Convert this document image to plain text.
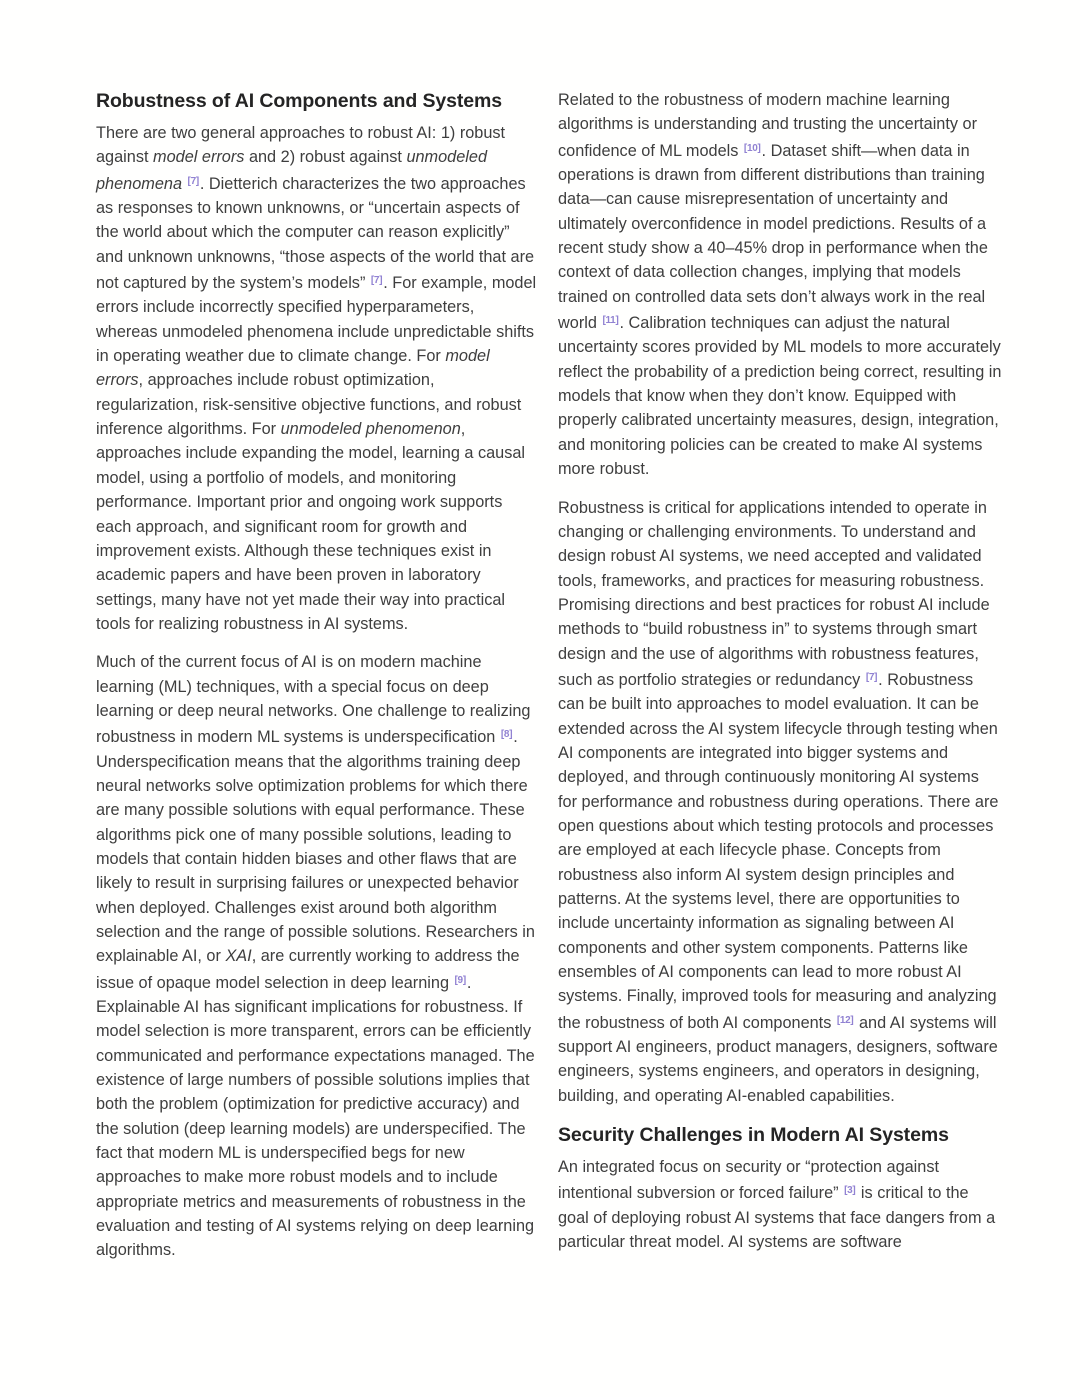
Robustness of AI Components and Systems

There are two general approaches to robust AI: 1) robust against model errors and 2) robust against unmodeled phenomena [7]. Dietterich characterizes the two approaches as responses to known unknowns, or “uncertain aspects of the world about which the computer can reason explicitly” and unknown unknowns, “those aspects of the world that are not captured by the system’s models” [7]. For example, model errors include incorrectly specified hyperparameters, whereas unmodeled phenomena include unpredictable shifts in operating weather due to climate change. For model errors, approaches include robust optimization, regularization, risk-sensitive objective functions, and robust inference algorithms. For unmodeled phenomenon, approaches include expanding the model, learning a causal model, using a portfolio of models, and monitoring performance. Important prior and ongoing work supports each approach, and significant room for growth and improvement exists. Although these techniques exist in academic papers and have been proven in laboratory settings, many have not yet made their way into practical tools for realizing robustness in AI systems.

Much of the current focus of AI is on modern machine learning (ML) techniques, with a special focus on deep learning or deep neural networks. One challenge to realizing robustness in modern ML systems is underspecification [8]. Underspecification means that the algorithms training deep neural networks solve optimization problems for which there are many possible solutions with equal performance. These algorithms pick one of many possible solutions, leading to models that contain hidden biases and other flaws that are likely to result in surprising failures or unexpected behavior when deployed. Challenges exist around both algorithm selection and the range of possible solutions. Researchers in explainable AI, or XAI, are currently working to address the issue of opaque model selection in deep learning [9]. Explainable AI has significant implications for robustness. If model selection is more transparent, errors can be efficiently communicated and performance expectations managed. The existence of large numbers of possible solutions implies that both the problem (optimization for predictive accuracy) and the solution (deep learning models) are underspecified. The fact that modern ML is underspecified begs for new approaches to make more robust models and to include appropriate metrics and measurements of robustness in the evaluation and testing of AI systems relying on deep learning algorithms.

Related to the robustness of modern machine learning algorithms is understanding and trusting the uncertainty or confidence of ML models [10]. Dataset shift—when data in operations is drawn from different distributions than training data—can cause misrepresentation of uncertainty and ultimately overconfidence in model predictions. Results of a recent study show a 40–45% drop in performance when the context of data collection changes, implying that models trained on controlled data sets don’t always work in the real world [11]. Calibration techniques can adjust the natural uncertainty scores provided by ML models to more accurately reflect the probability of a prediction being correct, resulting in models that know when they don’t know. Equipped with properly calibrated uncertainty measures, design, integration, and monitoring policies can be created to make AI systems more robust.

Robustness is critical for applications intended to operate in changing or challenging environments. To understand and design robust AI systems, we need accepted and validated tools, frameworks, and practices for measuring robustness. Promising directions and best practices for robust AI include methods to “build robustness in” to systems through smart design and the use of algorithms with robustness features, such as portfolio strategies or redundancy [7]. Robustness can be built into approaches to model evaluation. It can be extended across the AI system lifecycle through testing when AI components are integrated into bigger systems and deployed, and through continuously monitoring AI systems for performance and robustness during operations. There are open questions about which testing protocols and processes are employed at each lifecycle phase. Concepts from robustness also inform AI system design principles and patterns. At the systems level, there are opportunities to include uncertainty information as signaling between AI components and other system components. Patterns like ensembles of AI components can lead to more robust AI systems. Finally, improved tools for measuring and analyzing the robustness of both AI components [12] and AI systems will support AI engineers, product managers, designers, software engineers, systems engineers, and operators in designing, building, and operating AI-enabled capabilities.

Security Challenges in Modern AI Systems

An integrated focus on security or “protection against intentional subversion or forced failure” [3] is critical to the goal of deploying robust AI systems that face dangers from a particular threat model. AI systems are software
